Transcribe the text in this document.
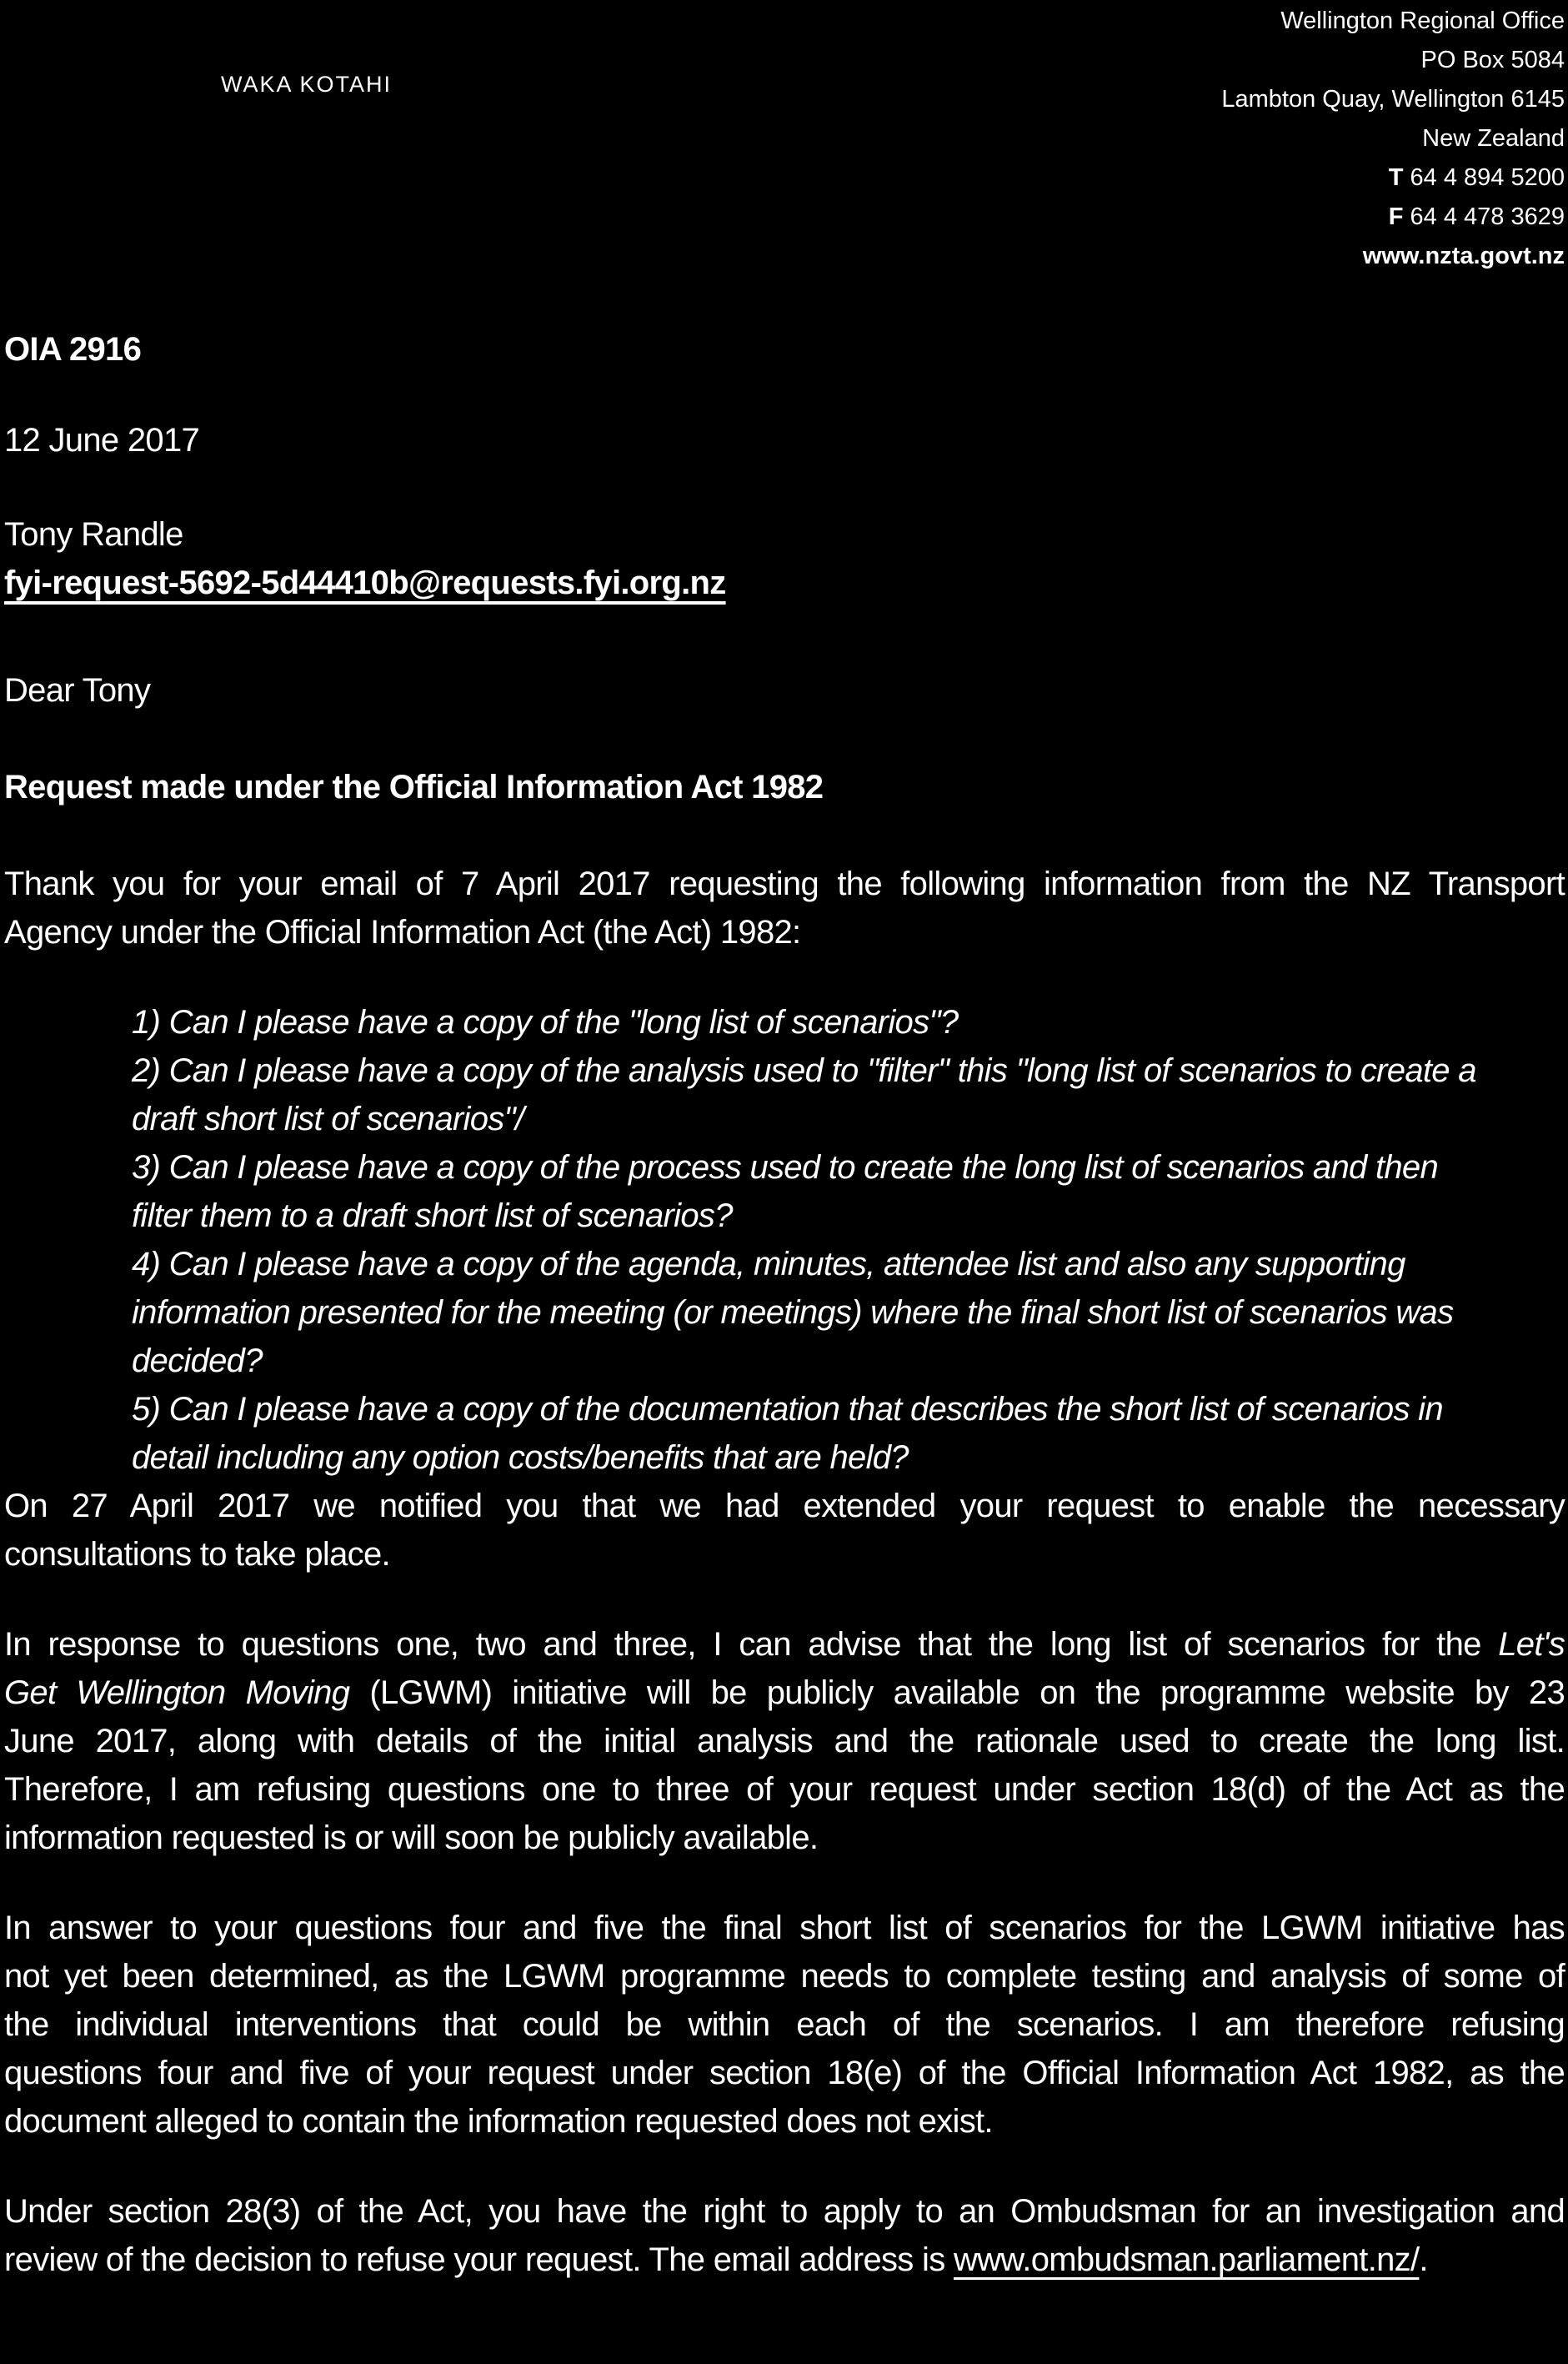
WAKA KOTAHI
Wellington Regional Office
PO Box 5084
Lambton Quay, Wellington 6145
New Zealand
T 64 4 894 5200
F 64 4 478 3629
www.nzta.govt.nz
OIA 2916
12 June 2017
Tony Randle
fyi-request-5692-5d44410b@requests.fyi.org.nz
Dear Tony
Request made under the Official Information Act 1982
Thank you for your email of 7 April 2017 requesting the following information from the NZ Transport
Agency under the Official Information Act (the Act) 1982:
1) Can I please have a copy of the "long list of scenarios"?
2) Can I please have a copy of the analysis used to "filter" this "long list of scenarios to create a
draft short list of scenarios"/
3) Can I please have a copy of the process used to create the long list of scenarios and then
filter them to a draft short list of scenarios?
4) Can I please have a copy of the agenda, minutes, attendee list and also any supporting
information presented for the meeting (or meetings) where the final short list of scenarios was
decided?
5) Can I please have a copy of the documentation that describes the short list of scenarios in
detail including any option costs/benefits that are held?
On 27 April 2017 we notified you that we had extended your request to enable the necessary
consultations to take place.
In response to questions one, two and three, I can advise that the long list of scenarios for the Let's
Get Wellington Moving (LGWM) initiative will be publicly available on the programme website by 23
June 2017, along with details of the initial analysis and the rationale used to create the long list.
Therefore, I am refusing questions one to three of your request under section 18(d) of the Act as the
information requested is or will soon be publicly available.
In answer to your questions four and five the final short list of scenarios for the LGWM initiative has
not yet been determined, as the LGWM programme needs to complete testing and analysis of some of
the individual interventions that could be within each of the scenarios. I am therefore refusing
questions four and five of your request under section 18(e) of the Official Information Act 1982, as the
document alleged to contain the information requested does not exist.
Under section 28(3) of the Act, you have the right to apply to an Ombudsman for an investigation and
review of the decision to refuse your request. The email address is www.ombudsman.parliament.nz/.
